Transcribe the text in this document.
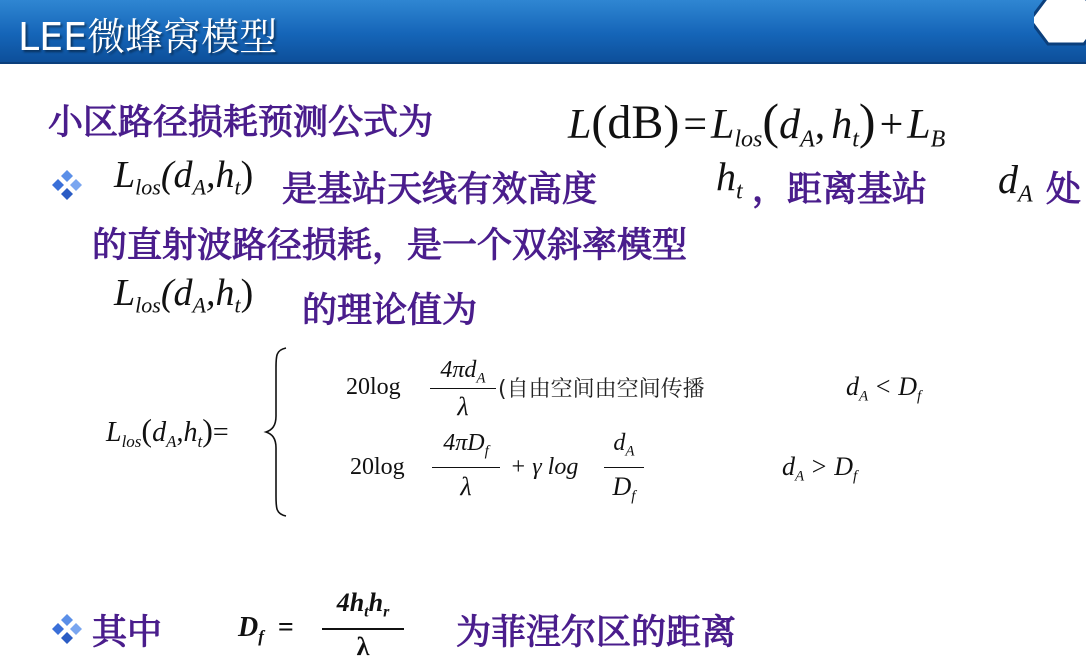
LEE微蜂窝模型
小区路径损耗预测公式为	$L(dB)=L_{los}(d_A$, $h_t)+L_B$
$L_{los}(d_A,h_t)$ 是基站天线有效高度	$h_t$ ，距离基站 $d_A$ 处
的直射波路径损耗，是一个双斜率模型
$L_{los}(d_A,h_t)$ 的理论值为
$L_{los}(d_A,h_t)=$
20log
$4\pi d_A$
λ
(自由空间由空间传播	$d_A < D_f$
20log
$4\pi D_f$
λ
+ γ log
$d_A$
$D_f$
$d_A > D_f$
其中	$D_f$ =
$4h_th_r$
λ	为菲涅尔区的距离
